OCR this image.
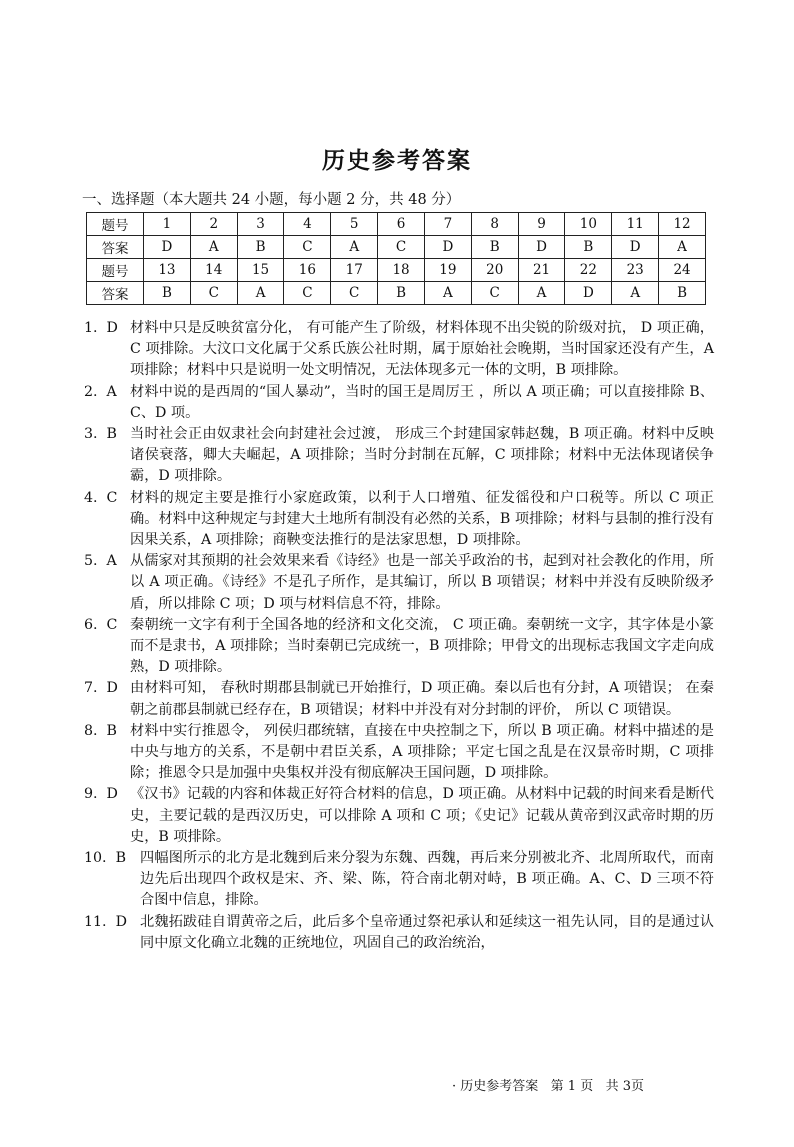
历史参考答案
一、选择题（本大题共 24 小题，每小题 2 分，共 48 分）
题号	1	2	3	4	5	6	7	8	9	10	11	12
答案	D	A	B	C	A	C	D	B	D	B	D	A
题号	13	14	15	16	17	18	19	20	21	22	23	24
答案	B	C	A	C	C	B	A	C	A	D	A	B
1.  D 材料中只是反映贫富分化， 有可能产生了阶级，材料体现不出尖锐的阶级对抗， D 项正确，C 项排除。大汶口文化属于父系氏族公社时期，属于原始社会晚期，当时国家还没有产生，A 项排除；材料中只是说明一处文明情况，无法体现多元一体的文明，B 项排除。
2.  A 材料中说的是西周的“国人暴动”，当时的国王是周厉王 ，所以 A 项正确；可以直接排除 B、C、D 项。
3.  B 当时社会正由奴隶社会向封建社会过渡， 形成三个封建国家韩赵魏，B 项正确。材料中反映诸侯衰落，卿大夫崛起，A 项排除；当时分封制在瓦解，C 项排除；材料中无法体现诸侯争霸，D 项排除。
4.  C 材料的规定主要是推行小家庭政策，以利于人口增殖、征发徭役和户口税等。所以 C 项正确。材料中这种规定与封建大土地所有制没有必然的关系，B 项排除；材料与县制的推行没有因果关系，A 项排除；商鞅变法推行的是法家思想，D 项排除。
5.  A 从儒家对其预期的社会效果来看《诗经》也是一部关乎政治的书，起到对社会教化的作用，所以 A 项正确。《诗经》不是孔子所作，是其编订，所以 B 项错误；材料中并没有反映阶级矛盾，所以排除 C 项；D 项与材料信息不符，排除。
6.  C 秦朝统一文字有利于全国各地的经济和文化交流， C 项正确。秦朝统一文字，其字体是小篆而不是隶书，A 项排除；当时秦朝已完成统一，B 项排除；甲骨文的出现标志我国文字走向成熟，D 项排除。
7.  D 由材料可知， 春秋时期郡县制就已开始推行，D 项正确。秦以后也有分封，A 项错误； 在秦朝之前郡县制就已经存在，B 项错误；材料中并没有对分封制的评价， 所以 C 项错误。
8.  B 材料中实行推恩令， 列侯归郡统辖，直接在中央控制之下，所以 B 项正确。材料中描述的是中央与地方的关系，不是朝中君臣关系，A 项排除；平定七国之乱是在汉景帝时期，C 项排除；推恩令只是加强中央集权并没有彻底解决王国问题，D 项排除。
9.  D 《汉书》记载的内容和体裁正好符合材料的信息，D 项正确。从材料中记载的时间来看是断代史，主要记载的是西汉历史，可以排除 A 项和 C 项；《史记》记载从黄帝到汉武帝时期的历史，B 项排除。
10.  B 四幅图所示的北方是北魏到后来分裂为东魏、西魏，再后来分别被北齐、北周所取代，而南边先后出现四个政权是宋、齐、梁、陈，符合南北朝对峙，B 项正确。A、C、D 三项不符合图中信息，排除。
11.  D 北魏拓跋硅自谓黄帝之后，此后多个皇帝通过祭祀承认和延续这一祖先认同，目的是通过认同中原文化确立北魏的正统地位，巩固自己的政治统治，
· 历史参考答案   第 1 页   共 3页
